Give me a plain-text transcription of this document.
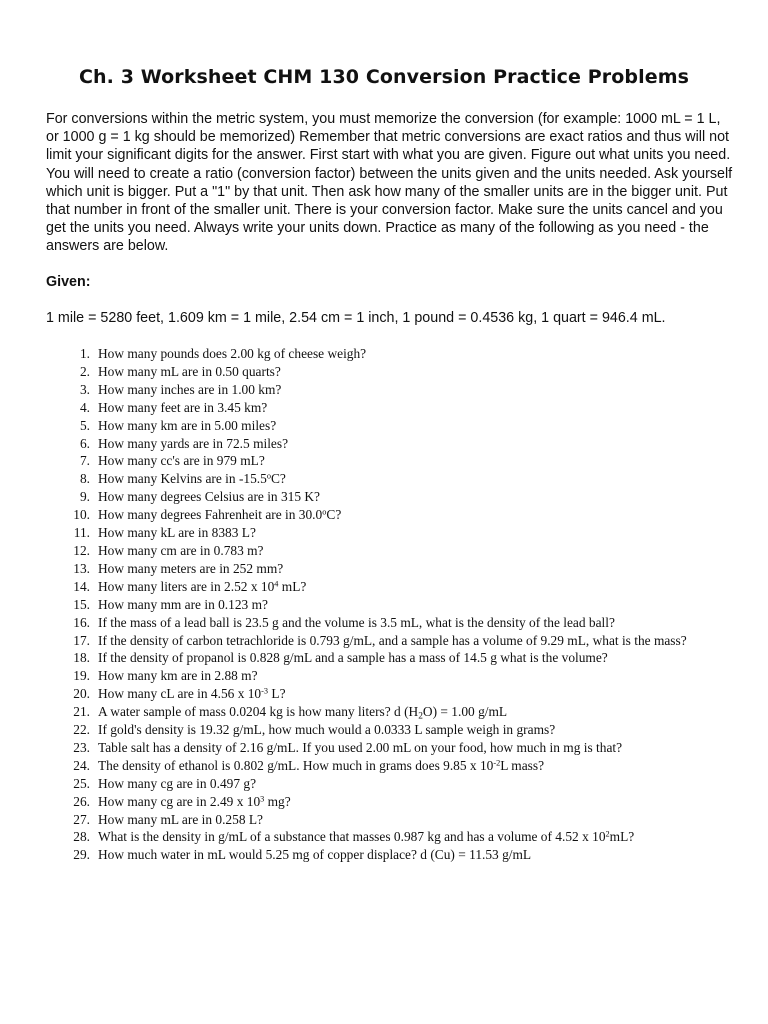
Ch. 3 Worksheet CHM 130 Conversion Practice Problems

For conversions within the metric system, you must memorize the conversion (for example: 1000 mL = 1 L, or 1000 g = 1 kg should be memorized) Remember that metric conversions are exact ratios and thus will not limit your significant digits for the answer. First start with what you are given. Figure out what units you need. You will need to create a ratio (conversion factor) between the units given and the units needed. Ask yourself which unit is bigger. Put a "1" by that unit. Then ask how many of the smaller units are in the bigger unit. Put that number in front of the smaller unit. There is your conversion factor. Make sure the units cancel and you get the units you need. Always write your units down. Practice as many of the following as you need - the answers are below.

Given:

1 mile = 5280 feet, 1.609 km = 1 mile, 2.54 cm = 1 inch, 1 pound = 0.4536 kg, 1 quart = 946.4 mL.

1. How many pounds does 2.00 kg of cheese weigh?
2. How many mL are in 0.50 quarts?
3. How many inches are in 1.00 km?
4. How many feet are in 3.45 km?
5. How many km are in 5.00 miles?
6. How many yards are in 72.5 miles?
7. How many cc's are in 979 mL?
8. How many Kelvins are in -15.5$^o$C?
9. How many degrees Celsius are in 315 K?
10. How many degrees Fahrenheit are in 30.0$^o$C?
11. How many kL are in 8383 L?
12. How many cm are in 0.783 m?
13. How many meters are in 252 mm?
14. How many liters are in 2.52 x $10^4$ mL?
15. How many mm are in 0.123 m?
16. If the mass of a lead ball is 23.5 g and the volume is 3.5 mL, what is the density of the lead ball?
17. If the density of carbon tetrachloride is 0.793 g/mL, and a sample has a volume of 9.29 mL, what is the mass?
18. If the density of propanol is 0.828 g/mL and a sample has a mass of 14.5 g what is the volume?
19. How many km are in 2.88 m?
20. How many cL are in 4.56 x $10^{-3}$ L?
21. A water sample of mass 0.0204 kg is how many liters? d $(H_2O) = 1.00$ g/mL
22. If gold's density is 19.32 g/mL, how much would a 0.0333 L sample weigh in grams?
23. Table salt has a density of 2.16 g/mL. If you used 2.00 mL on your food, how much in mg is that?
24. The density of ethanol is 0.802 g/mL. How much in grams does 9.85 x $10^{-2}L$ mass?
25. How many cg are in 0.497 g?
26. How many cg are in 2.49 x $10^3$ mg?
27. How many mL are in 0.258 L?
28. What is the density in g/mL of a substance that masses 0.987 kg and has a volume of 4.52 x $10^2mL$?
29. How much water in mL would 5.25 mg of copper displace? d (Cu) = 11.53 g/mL
